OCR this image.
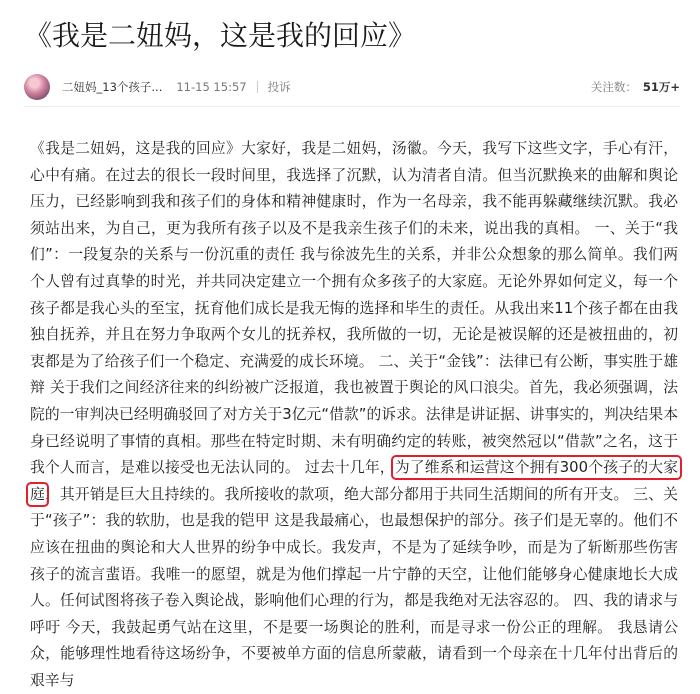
《我是二妞妈，这是我的回应》
二妞妈_13个孩子... 11-15 15:57 投诉	关注数： 51万+

《我是二妞妈，这是我的回应》大家好，我是二妞妈，汤徽。今天，我写下这些文字，手心有汗，心中有痛。在过去的很长一段时间里，我选择了沉默，认为清者自清。但当沉默换来的曲解和舆论压力，已经影响到我和孩子们的身体和精神健康时，作为一名母亲，我不能再躲藏继续沉默。我必须站出来，为自己，更为我所有孩子以及不是我亲生孩子们的未来，说出我的真相。 一、关于“我们”：一段复杂的关系与一份沉重的责任 我与徐波先生的关系，并非公众想象的那么简单。我们两个人曾有过真挚的时光，并共同决定建立一个拥有众多孩子的大家庭。无论外界如何定义，每一个孩子都是我心头的至宝，抚育他们成长是我无悔的选择和毕生的责任。从我出来11个孩子都在由我独自抚养，并且在努力争取两个女儿的抚养权，我所做的一切，无论是被误解的还是被扭曲的，初衷都是为了给孩子们一个稳定、充满爱的成长环境。 二、关于“金钱”：法律已有公断，事实胜于雄辩 关于我们之间经济往来的纠纷被广泛报道，我也被置于舆论的风口浪尖。首先，我必须强调，法院的一审判决已经明确驳回了对方关于3亿元“借款”的诉求。法律是讲证据、讲事实的，判决结果本身已经说明了事情的真相。那些在特定时期、未有明确约定的转账，被突然冠以“借款”之名，这于我个人而言，是难以接受也无法认同的。 过去十几年，为了维系和运营这个拥有300个孩子的大家庭，其开销是巨大且持续的。我所接收的款项，绝大部分都用于共同生活期间的所有开支。 三、关于“孩子”：我的软肋，也是我的铠甲 这是我最痛心，也最想保护的部分。孩子们是无辜的。他们不应该在扭曲的舆论和大人世界的纷争中成长。我发声，不是为了延续争吵，而是为了斩断那些伤害孩子的流言蜚语。我唯一的愿望，就是为他们撑起一片宁静的天空，让他们能够身心健康地长大成人。任何试图将孩子卷入舆论战，影响他们心理的行为，都是我绝对无法容忍的。 四、我的请求与呼吁 今天，我鼓起勇气站在这里，不是要一场舆论的胜利，而是寻求一份公正的理解。 我恳请公众，能够理性地看待这场纷争，不要被单方面的信息所蒙蔽，请看到一个母亲在十几年付出背后的艰辛与
